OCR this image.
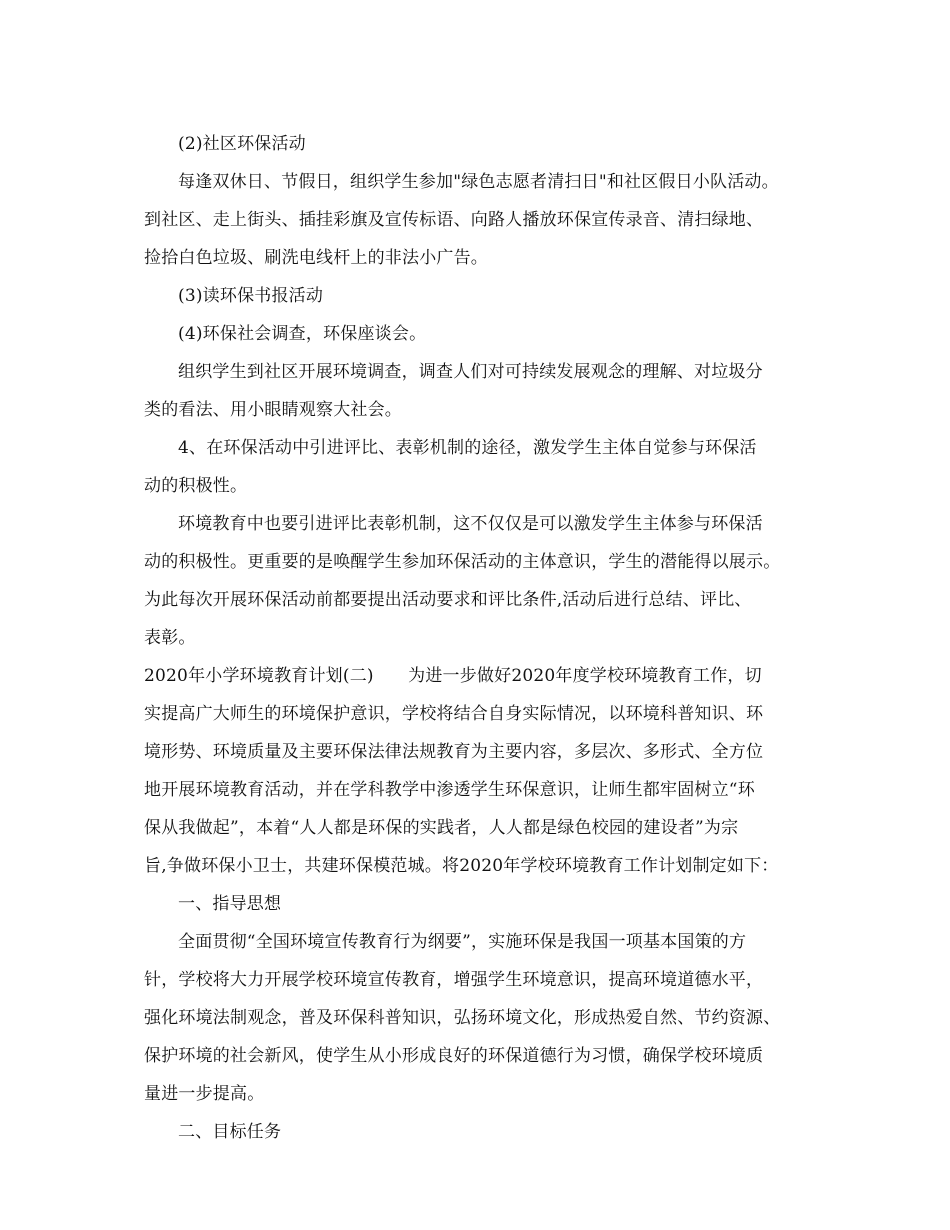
(2)社区环保活动
每逢双休日、节假日，组织学生参加"绿色志愿者清扫日"和社区假日小队活动。
到社区、走上街头、插挂彩旗及宣传标语、向路人播放环保宣传录音、清扫绿地、
捡拾白色垃圾、刷洗电线杆上的非法小广告。
(3)读环保书报活动
(4)环保社会调查，环保座谈会。
组织学生到社区开展环境调查，调查人们对可持续发展观念的理解、对垃圾分
类的看法、用小眼睛观察大社会。
4、在环保活动中引进评比、表彰机制的途径，激发学生主体自觉参与环保活
动的积极性。
环境教育中也要引进评比表彰机制，这不仅仅是可以激发学生主体参与环保活
动的积极性。更重要的是唤醒学生参加环保活动的主体意识，学生的潜能得以展示。
为此每次开展环保活动前都要提出活动要求和评比条件,活动后进行总结、评比、
表彰。
2020年小学环境教育计划(二)　　为进一步做好2020年度学校环境教育工作，切
实提高广大师生的环境保护意识，学校将结合自身实际情况，以环境科普知识、环
境形势、环境质量及主要环保法律法规教育为主要内容，多层次、多形式、全方位
地开展环境教育活动，并在学科教学中渗透学生环保意识，让师生都牢固树立“环
保从我做起”，本着“人人都是环保的实践者，人人都是绿色校园的建设者”为宗
旨,争做环保小卫士，共建环保模范城。将2020年学校环境教育工作计划制定如下：
一、指导思想
全面贯彻“全国环境宣传教育行为纲要”，实施环保是我国一项基本国策的方
针，学校将大力开展学校环境宣传教育，增强学生环境意识，提高环境道德水平，
强化环境法制观念，普及环保科普知识，弘扬环境文化，形成热爱自然、节约资源、
保护环境的社会新风，使学生从小形成良好的环保道德行为习惯，确保学校环境质
量进一步提高。
二、目标任务
